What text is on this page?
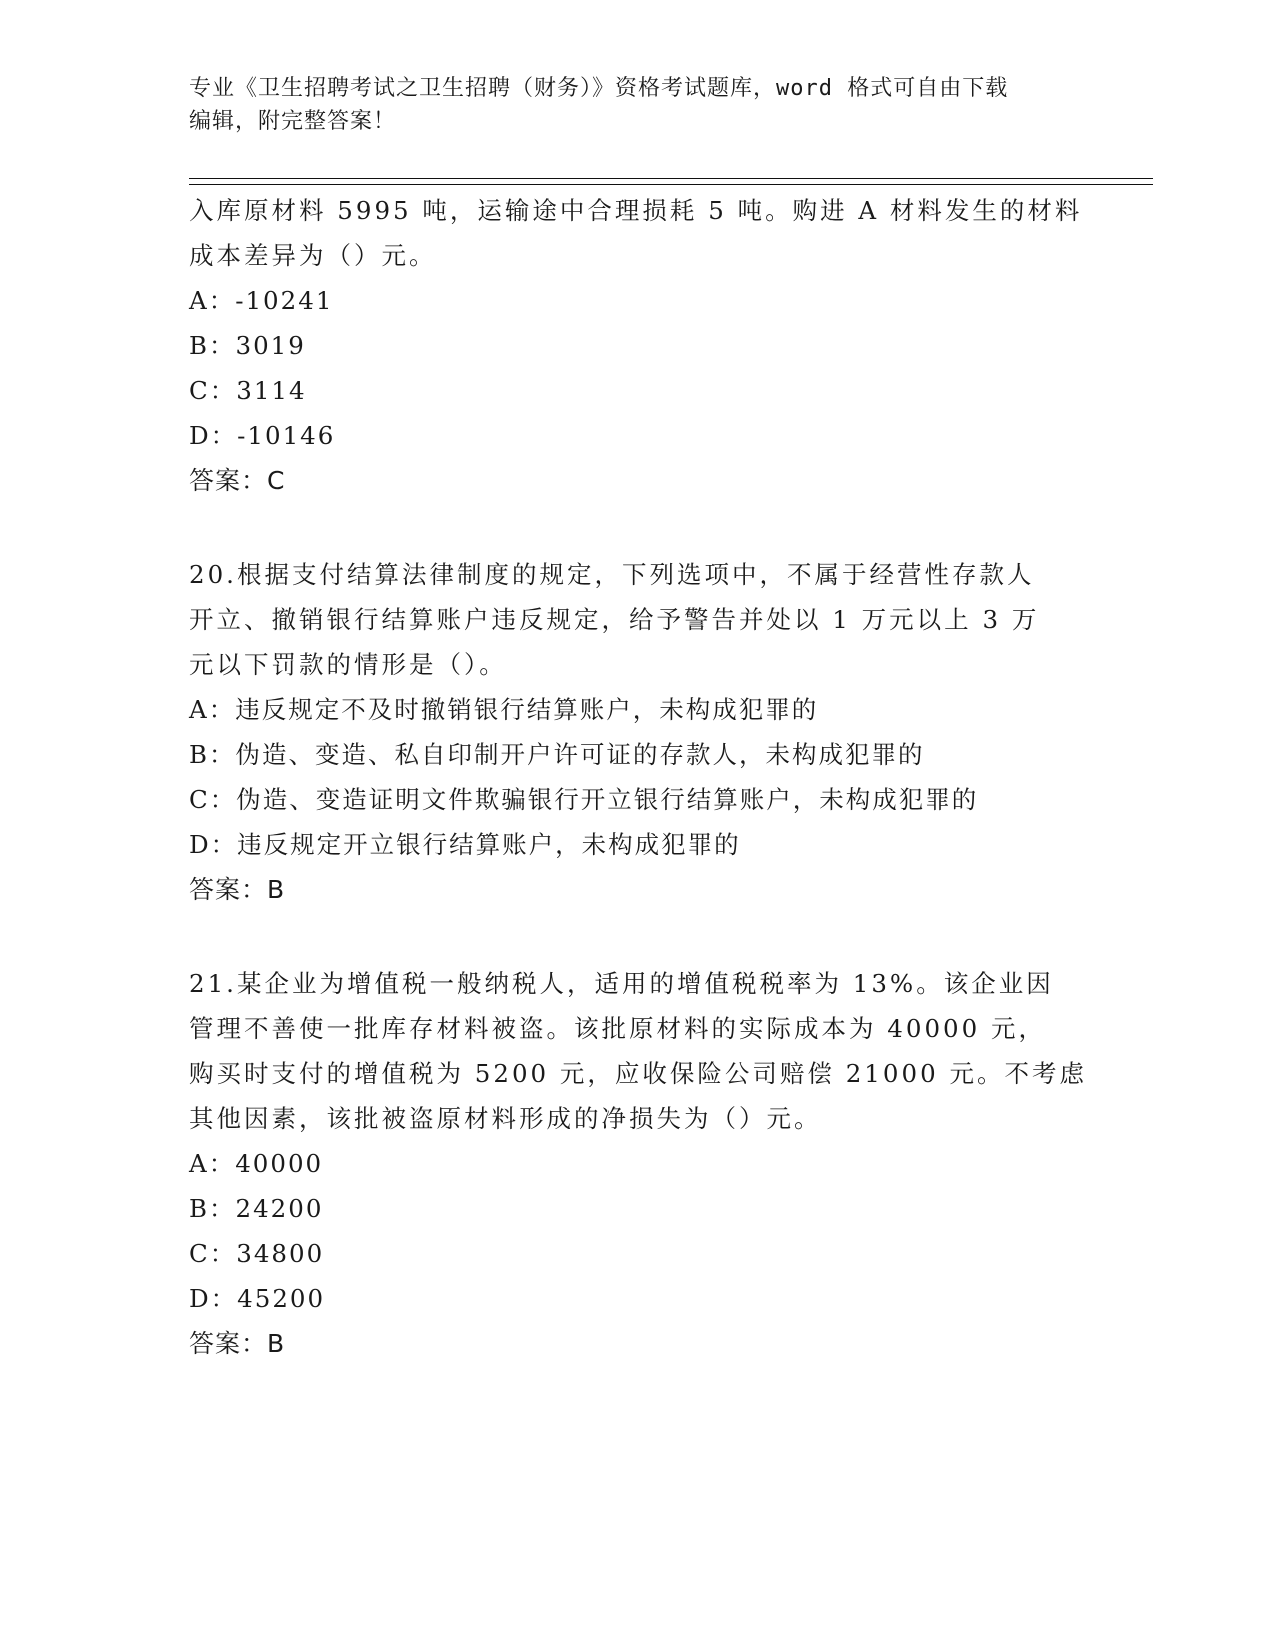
专业《卫生招聘考试之卫生招聘（财务）》资格考试题库，word 格式可自由下载
编辑，附完整答案！
入库原材料 5995 吨，运输途中合理损耗 5 吨。购进 A 材料发生的材料
成本差异为（）元。
A：-10241
B：3019
C：3114
D：-10146
答案：C
20.根据支付结算法律制度的规定，下列选项中，不属于经营性存款人
开立、撤销银行结算账户违反规定，给予警告并处以 1 万元以上 3 万
元以下罚款的情形是（）。
A：违反规定不及时撤销银行结算账户，未构成犯罪的
B：伪造、变造、私自印制开户许可证的存款人，未构成犯罪的
C：伪造、变造证明文件欺骗银行开立银行结算账户，未构成犯罪的
D：违反规定开立银行结算账户，未构成犯罪的
答案：B
21.某企业为增值税一般纳税人，适用的增值税税率为 13%。该企业因
管理不善使一批库存材料被盗。该批原材料的实际成本为 40000 元，
购买时支付的增值税为 5200 元，应收保险公司赔偿 21000 元。不考虑
其他因素，该批被盗原材料形成的净损失为（）元。
A：40000
B：24200
C：34800
D：45200
答案：B
